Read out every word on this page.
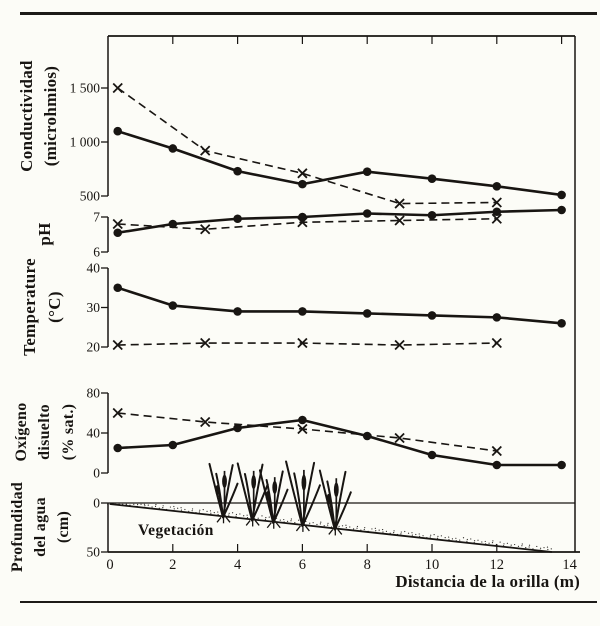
0	2	4	6	8	10	12	14
500
1 000
1 500
6
7
20
30
40
0
40
80
0
50
Conductividad (microhmios)
pH
Temperature (°C)
Oxígeno disuelto (% sat.)
Profundidad del agua (cm)	Vegetación
Distancia de la orilla (m)
